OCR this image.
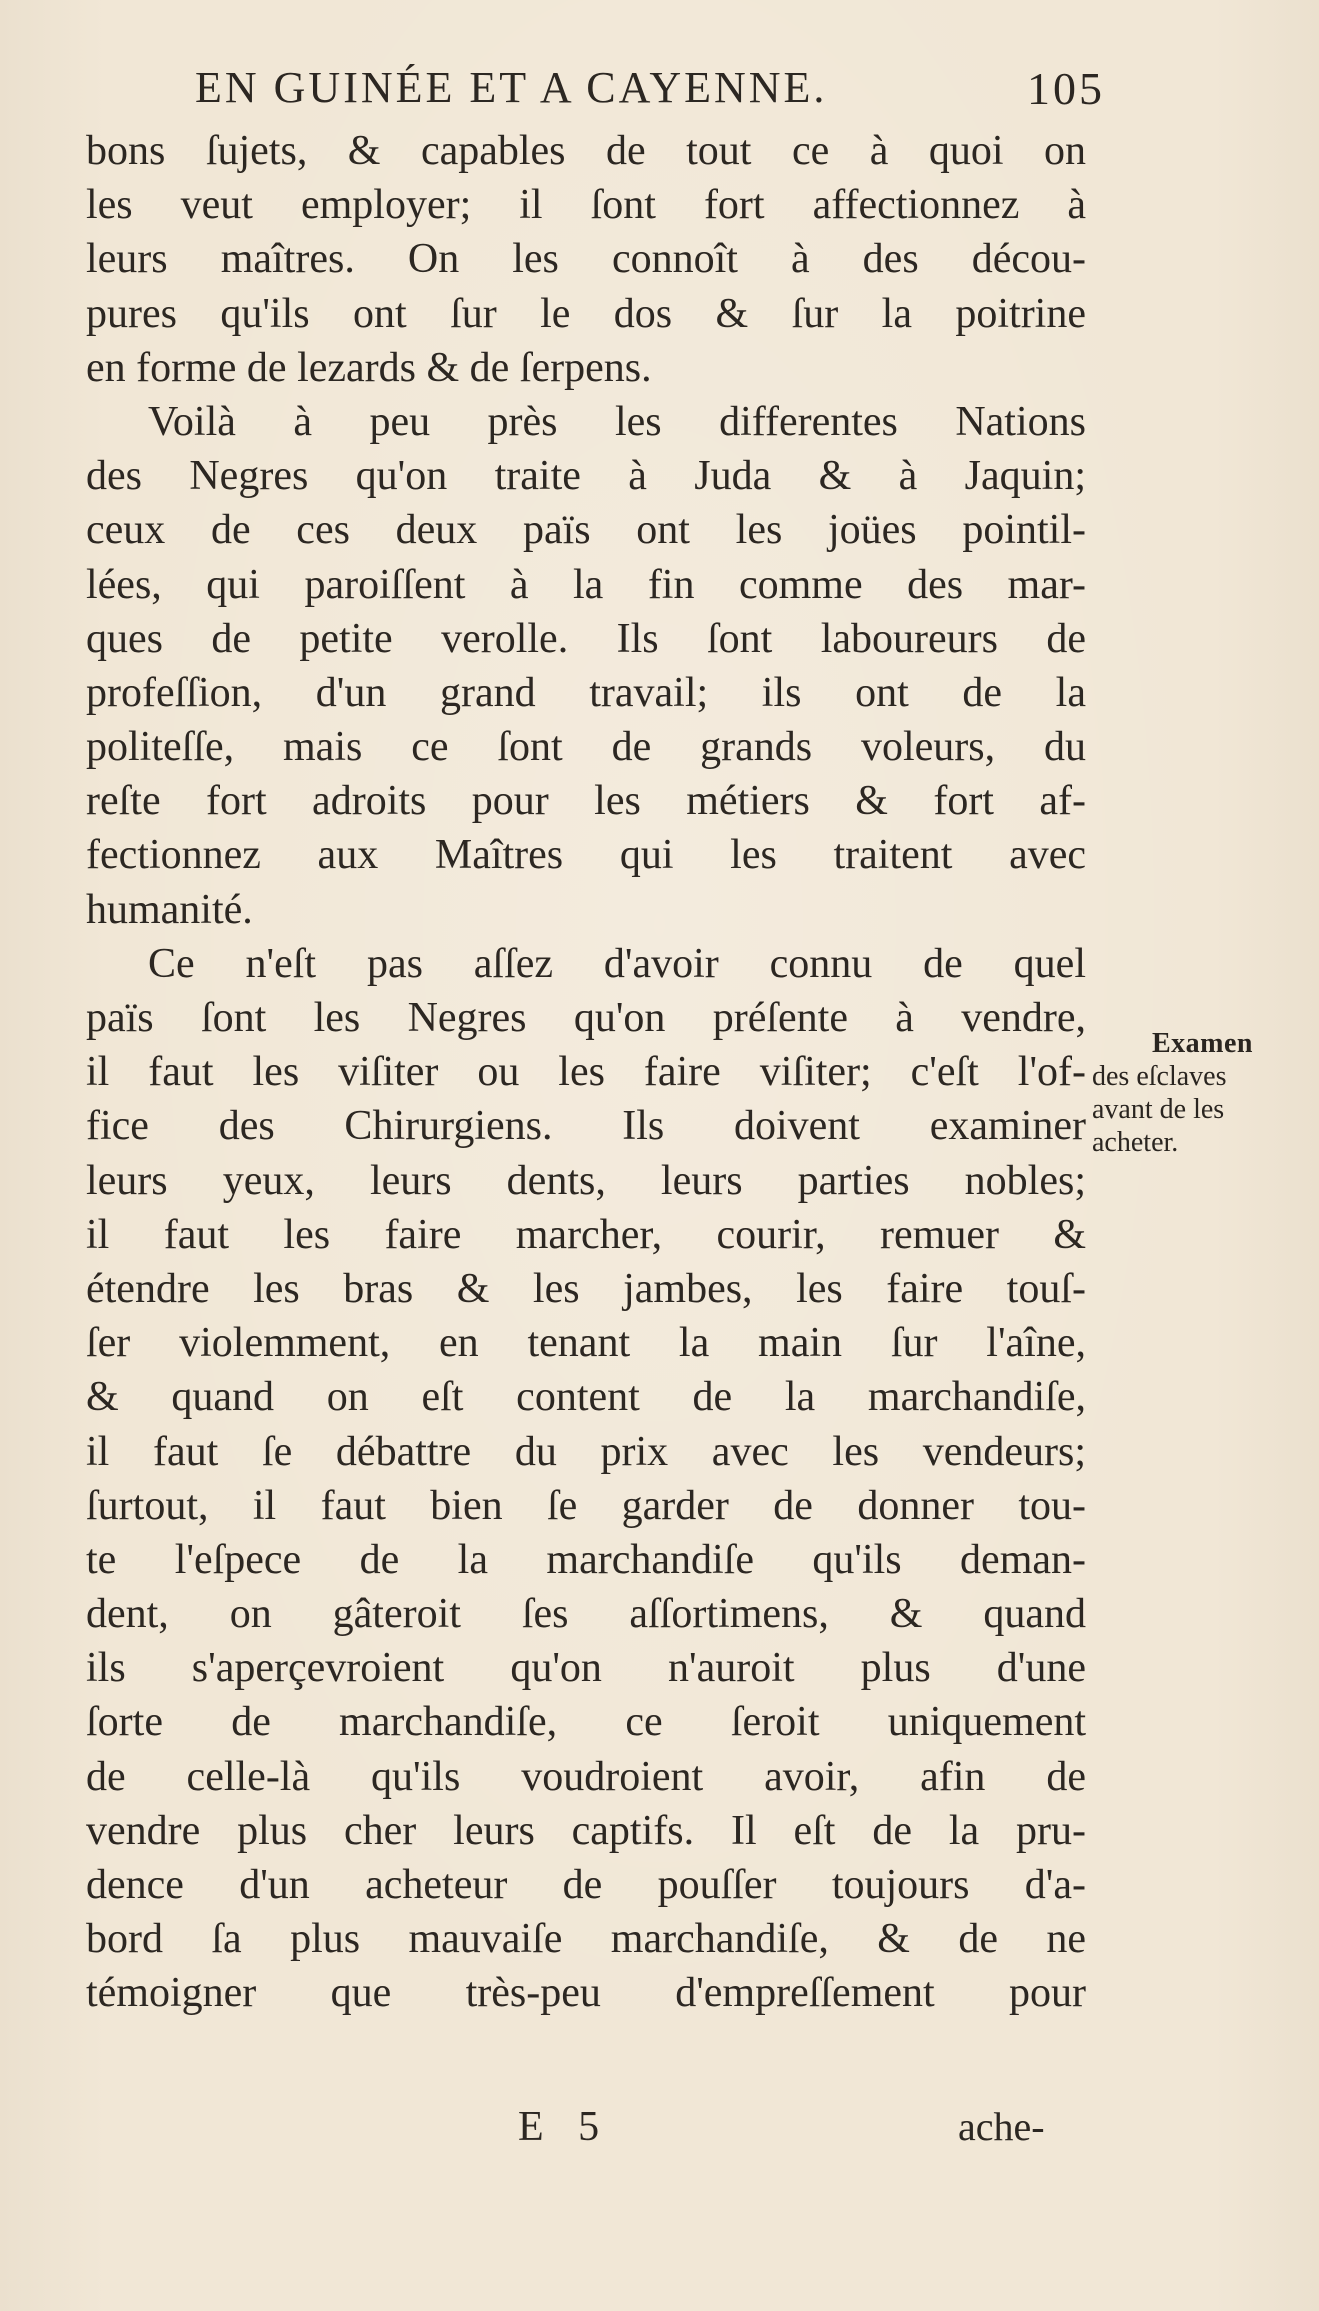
EN GUINÉE ET A CAYENNE.	105
bons ſujets, & capables de tout ce à quoi on
les veut employer; il ſont fort affectionnez à
leurs maîtres. On les connoît à des décou-
pures qu'ils ont ſur le dos & ſur la poitrine
en forme de lezards & de ſerpens.
Voilà à peu près les differentes Nations
des Negres qu'on traite à Juda & à Jaquin;
ceux de ces deux païs ont les joües pointil-
lées, qui paroiſſent à la fin comme des mar-
ques de petite verolle. Ils ſont laboureurs de
profeſſion, d'un grand travail; ils ont de la
politeſſe, mais ce ſont de grands voleurs, du
reſte fort adroits pour les métiers & fort af-
fectionnez aux Maîtres qui les traitent avec
humanité.
Ce n'eſt pas aſſez d'avoir connu de quel
païs ſont les Negres qu'on préſente à vendre,
il faut les viſiter ou les faire viſiter; c'eſt l'of-
fice des Chirurgiens. Ils doivent examiner
leurs yeux, leurs dents, leurs parties nobles;
il faut les faire marcher, courir, remuer &
étendre les bras & les jambes, les faire touſ-
ſer violemment, en tenant la main ſur l'aîne,
& quand on eſt content de la marchandiſe,
il faut ſe débattre du prix avec les vendeurs;
ſurtout, il faut bien ſe garder de donner tou-
te l'eſpece de la marchandiſe qu'ils deman-
dent, on gâteroit ſes aſſortimens, & quand
ils s'aperçevroient qu'on n'auroit plus d'une
ſorte de marchandiſe, ce ſeroit uniquement
de celle-là qu'ils voudroient avoir, afin de
vendre plus cher leurs captifs. Il eſt de la pru-
dence d'un acheteur de pouſſer toujours d'a-
bord ſa plus mauvaiſe marchandiſe, & de ne
témoigner que très-peu d'empreſſement pour
Examen
des eſclaves
avant de les
acheter.
E 5	ache-
